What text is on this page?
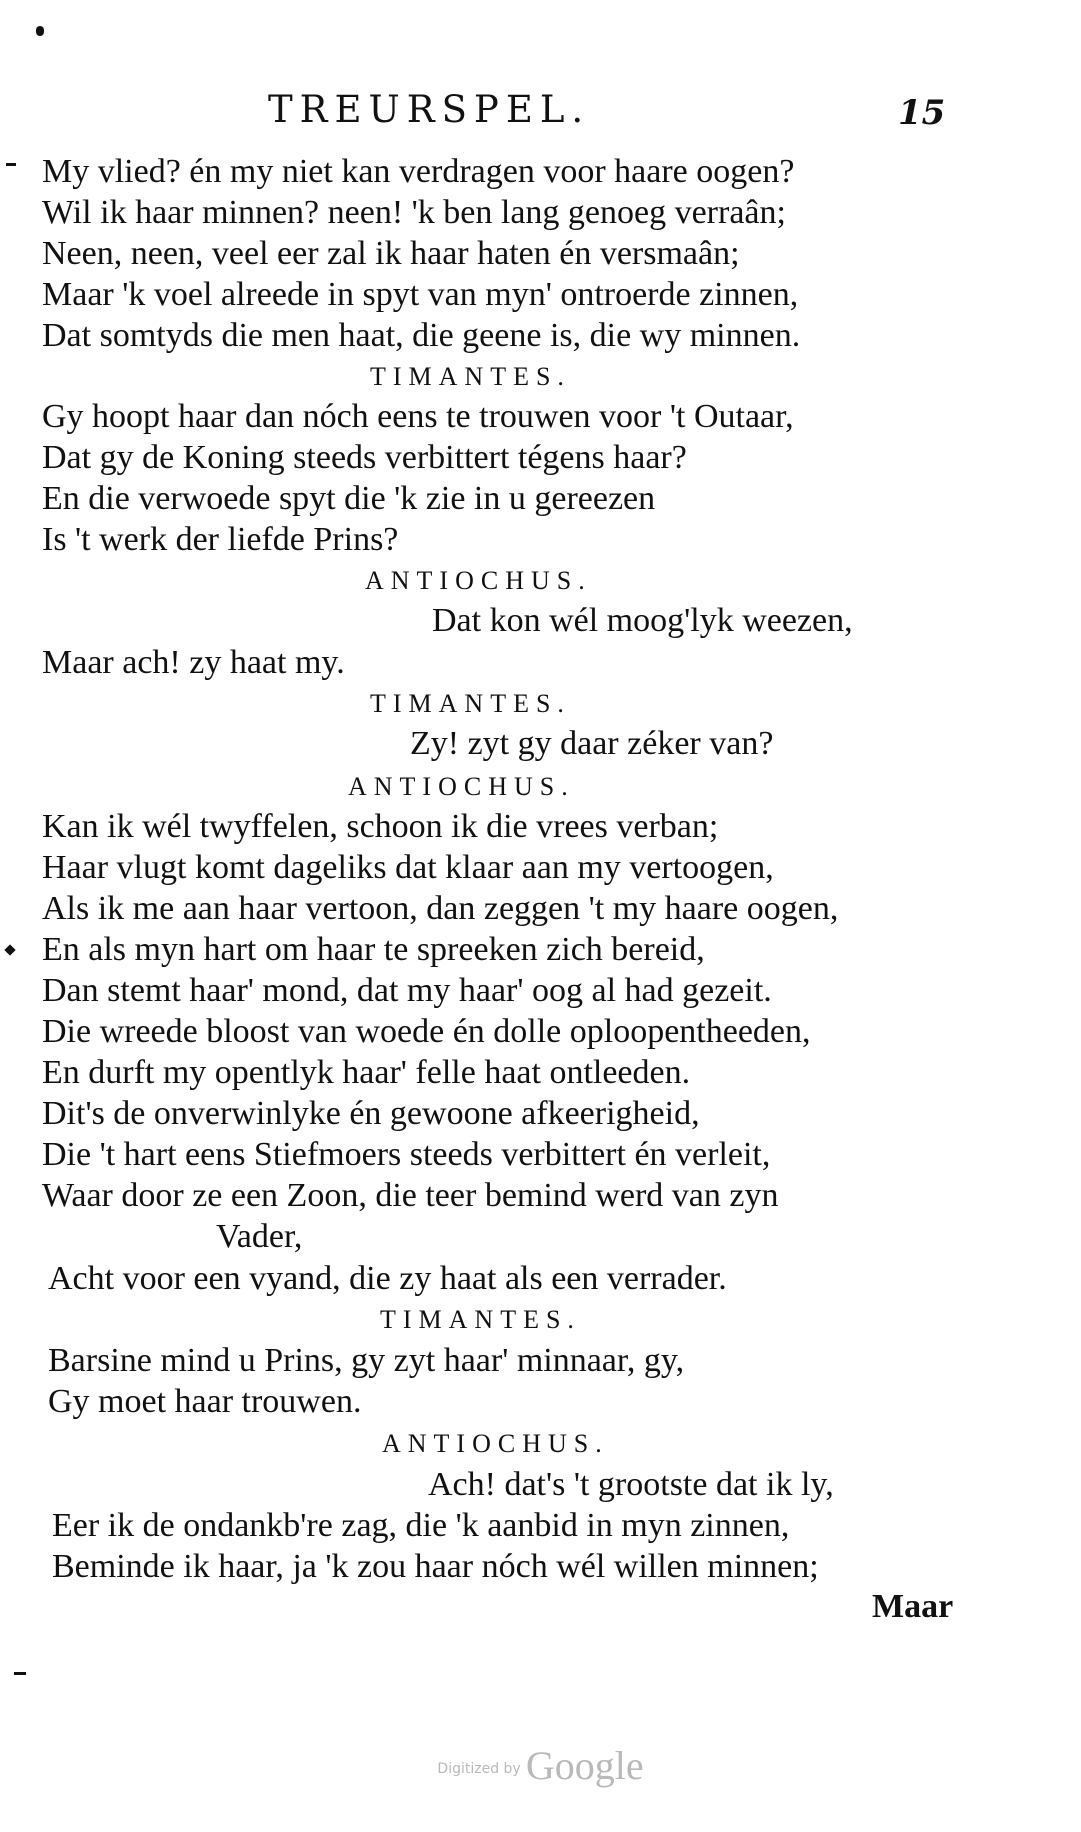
TREURSPEL.	15
My vlied? én my niet kan verdragen voor haare oogen?
Wil ik haar minnen? neen! 'k ben lang genoeg verraân;
Neen, neen, veel eer zal ik haar haten én versmaân;
Maar 'k voel alreede in spyt van myn' ontroerde zinnen,
Dat somtyds die men haat, die geene is, die wy minnen.
TIMANTES.
Gy hoopt haar dan nóch eens te trouwen voor 't Outaar,
Dat gy de Koning steeds verbittert tégens haar?
En die verwoede spyt die 'k zie in u gereezen
Is 't werk der liefde Prins?
ANTIOCHUS.
Dat kon wél moog'lyk weezen,
Maar ach! zy haat my.
TIMANTES.
Zy! zyt gy daar zéker van?
ANTIOCHUS.
Kan ik wél twyffelen, schoon ik die vrees verban;
Haar vlugt komt dageliks dat klaar aan my vertoogen,
Als ik me aan haar vertoon, dan zeggen 't my haare oogen,
En als myn hart om haar te spreeken zich bereid,
Dan stemt haar' mond, dat my haar' oog al had gezeit.
Die wreede bloost van woede én dolle oploopentheeden,
En durft my opentlyk haar' felle haat ontleeden.
Dit's de onverwinlyke én gewoone afkeerigheid,
Die 't hart eens Stiefmoers steeds verbittert én verleit,
Waar door ze een Zoon, die teer bemind werd van zyn
Vader,
Acht voor een vyand, die zy haat als een verrader.
TIMANTES.
Barsine mind u Prins, gy zyt haar' minnaar, gy,
Gy moet haar trouwen.
ANTIOCHUS.
Ach! dat's 't grootste dat ik ly,
Eer ik de ondankb're zag, die 'k aanbid in myn zinnen,
Beminde ik haar, ja 'k zou haar nóch wél willen minnen;
Maar
Digitized by Google
